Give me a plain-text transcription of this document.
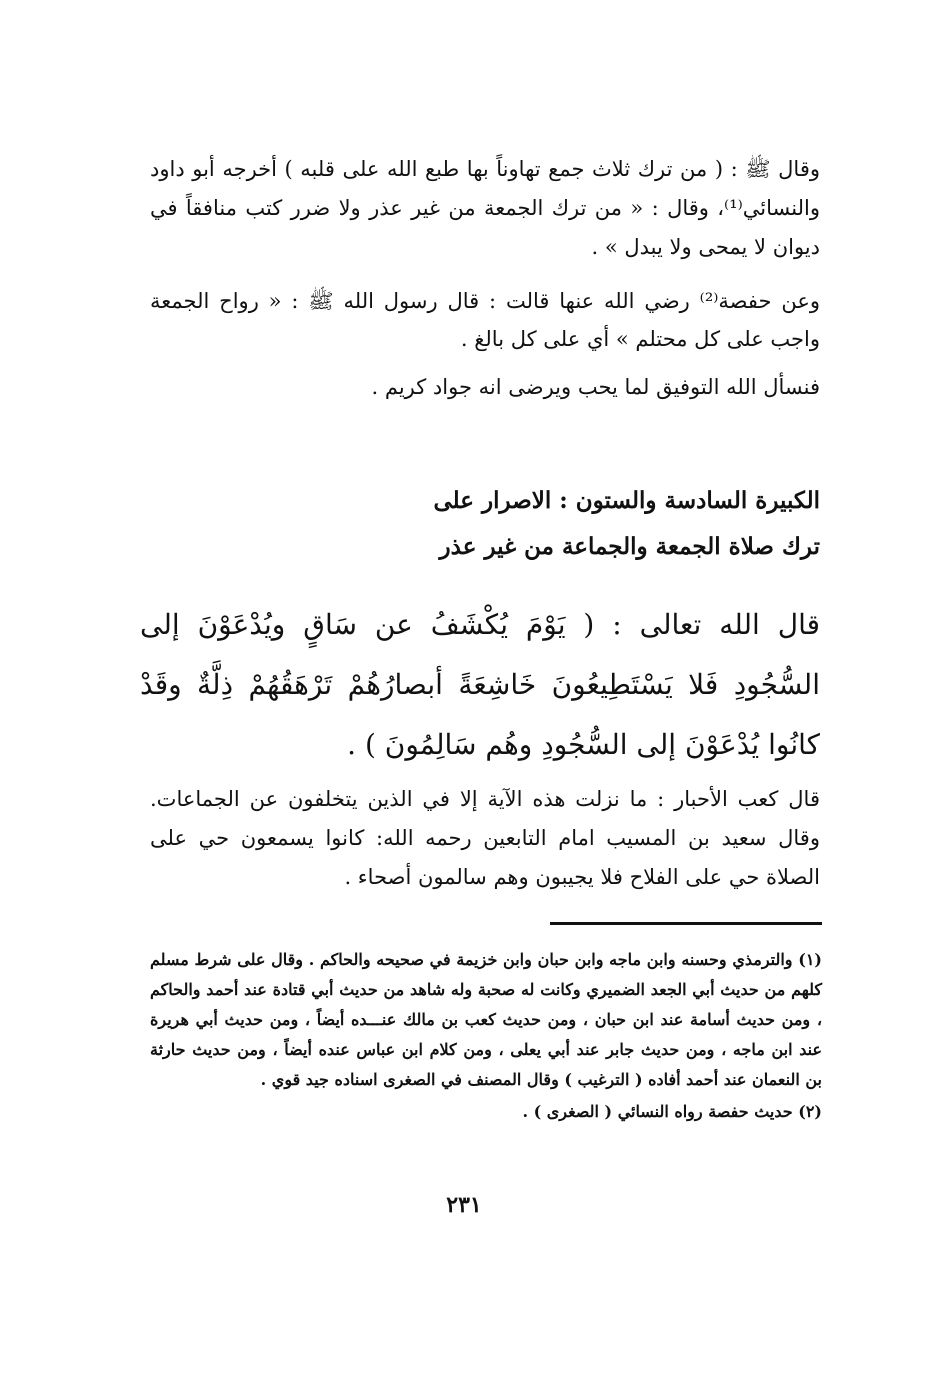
وقال ﷺ : ( من ترك ثلاث جمع تهاوناً بها طبع الله على قلبه ) أخرجه أبو داود والنسائي⁽¹⁾، وقال : « من ترك الجمعة من غير عذر ولا ضرر كتب منافقاً في ديوان لا يمحى ولا يبدل » .

وعن حفصة⁽²⁾ رضي الله عنها قالت : قال رسول الله ﷺ : « رواح الجمعة واجب على كل محتلم » أي على كل بالغ .

فنسأل الله التوفيق لما يحب ويرضى انه جواد كريم .

الكبيرة السادسة والستون : الاصرار على
ترك صلاة الجمعة والجماعة من غير عذر

قال الله تعالى : ( يَوْمَ يُكْشَفُ عن سَاقٍ ويُدْعَوْنَ إلى السُّجُودِ فَلا يَسْتَطِيعُونَ خَاشِعَةً أبصارُهُمْ تَرْهَقُهُمْ ذِلَّةٌ وقَدْ كانُوا يُدْعَوْنَ إلى السُّجُودِ وهُم سَالِمُونَ ) .

قال كعب الأحبار : ما نزلت هذه الآية إلا في الذين يتخلفون عن الجماعات. وقال سعيد بن المسيب امام التابعين رحمه الله: كانوا يسمعون حي على الصلاة حي على الفلاح فلا يجيبون وهم سالمون أصحاء .

(١) والترمذي وحسنه وابن ماجه وابن حبان وابن خزيمة في صحيحه والحاكم . وقال على شرط مسلم كلهم من حديث أبي الجعد الضميري وكانت له صحبة وله شاهد من حديث أبي قتادة عند أحمد والحاكم ، ومن حديث أسامة عند ابن حبان ، ومن حديث كعب بن مالك عنـــده أيضاً ، ومن حديث أبي هريرة عند ابن ماجه ، ومن حديث جابر عند أبي يعلى ، ومن كلام ابن عباس عنده أيضاً ، ومن حديث حارثة بن النعمان عند أحمد أفاده ( الترغيب ) وقال المصنف في الصغرى اسناده جيد قوي .

(٢) حديث حفصة رواه النسائي ( الصغرى ) .

٢٣١
